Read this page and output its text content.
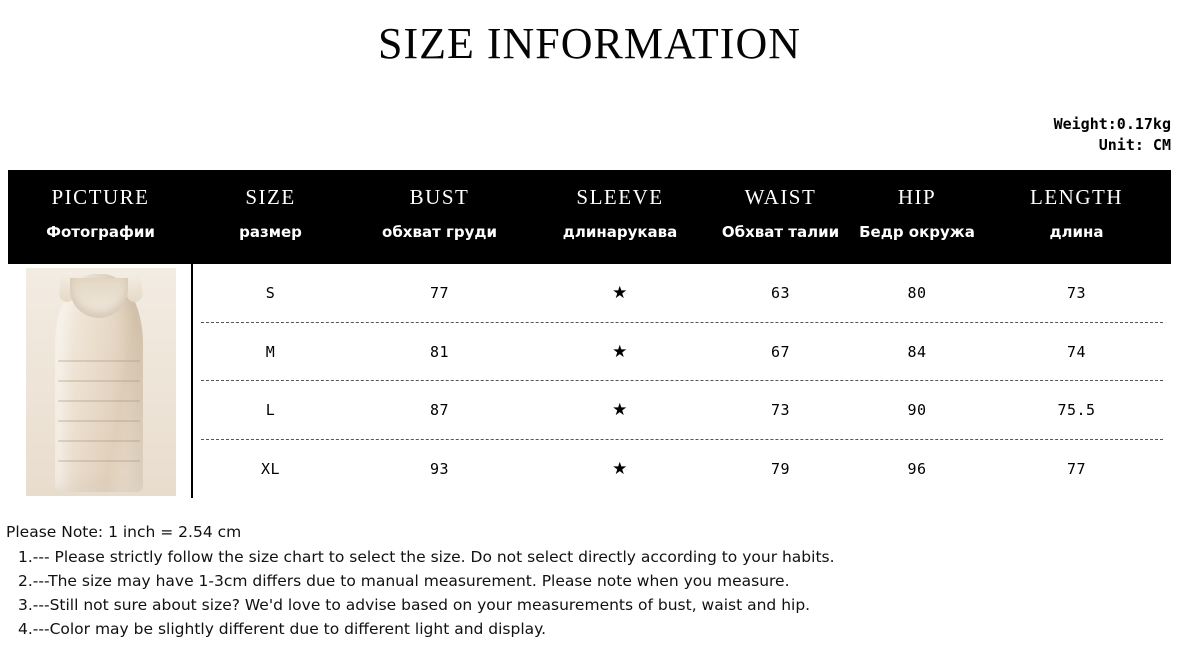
SIZE INFORMATION
Weight:0.17kg
Unit: CM
PICTURE	SIZE	BUST	SLEEVE	WAIST	HIP	LENGTH
Фотографии	размер	обхват груди	длинарукава	Обхват талии	Бедр окружа	длина
S	77	★	63	80	73
M	81	★	67	84	74
L	87	★	73	90	75.5
XL	93	★	79	96	77
Please Note: 1 inch = 2.54 cm
1.--- Please strictly follow the size chart to select the size. Do not select directly according to your habits.
2.---The size may have 1-3cm differs due to manual measurement. Please note when you measure.
3.---Still not sure about size? We'd love to advise based on your measurements of bust, waist and hip.
4.---Color may be slightly different due to different light and display.
